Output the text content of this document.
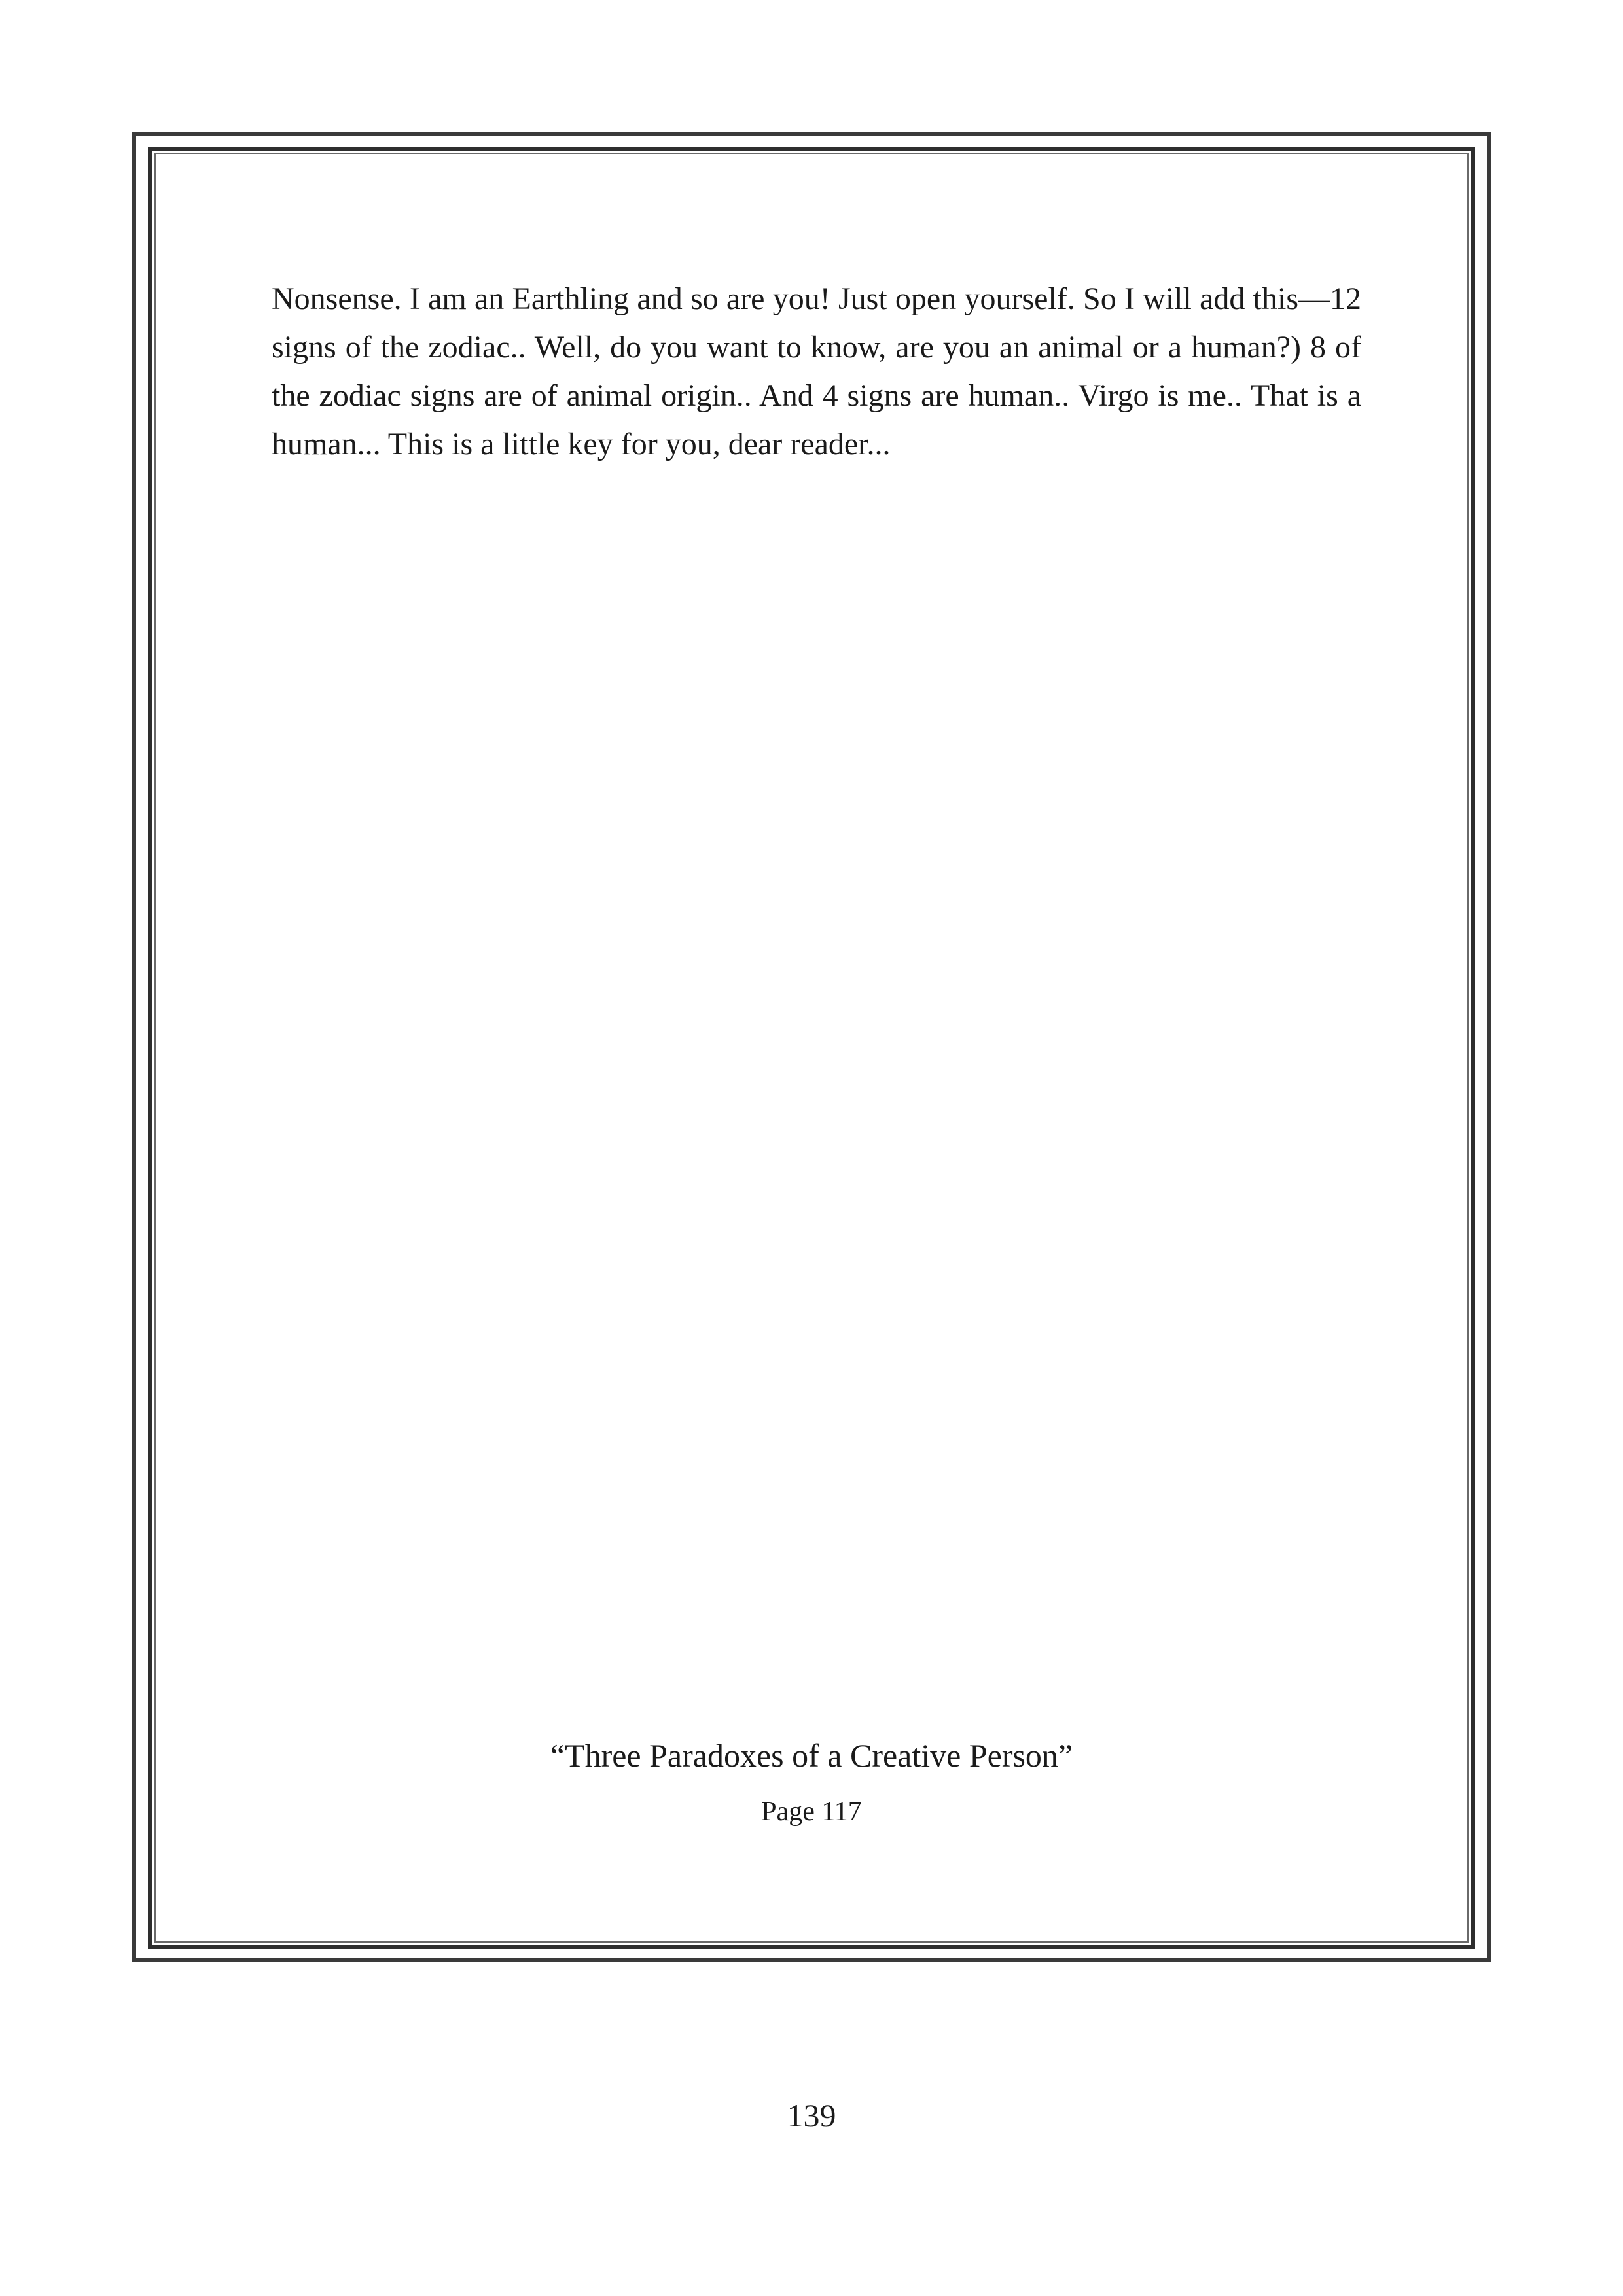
Nonsense. I am an Earthling and so are you! Just open yourself. So I will add this—12 signs of the zodiac.. Well, do you want to know, are you an animal or a human?) 8 of the zodiac signs are of animal origin.. And 4 signs are human.. Virgo is me.. That is a human... This is a little key for you, dear reader...

“Three Paradoxes of a Creative Person”
Page 117
139
